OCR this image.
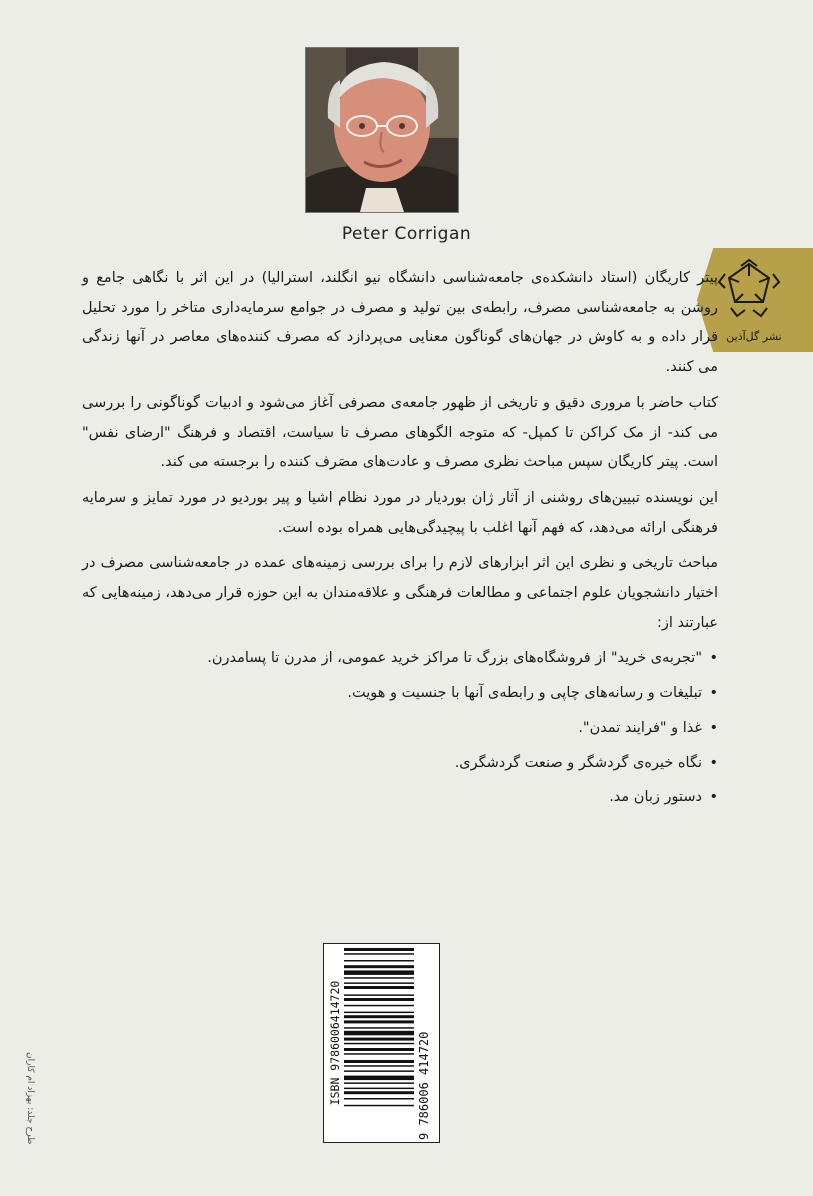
Peter Corrigan
نشر گل‌آذین

پیتر کاریگان (استاد دانشکده‌ی جامعه‌شناسی دانشگاه نیو انگلند، استرالیا) در این اثر با نگاهی جامع و روشن به جامعه‌شناسی مصرف، رابطه‌ی بین تولید و مصرف در جوامع سرمایه‌داری متاخر را مورد تحلیل قرار داده و به کاوش در جهان‌های گوناگون معنایی می‌پردازد که مصرف کننده‌های معاصر در آنها زندگی می کنند.

کتاب حاضر با مروری دقیق و تاریخی از ظهور جامعه‌ی مصرفی آغاز می‌شود و ادبیات گوناگونی را بررسی می کند- از مک کراکن تا کمپل- که متوجه الگوهای مصرف تا سیاست، اقتصاد و فرهنگ "ارضای نفس" است. پیتر کاریگان سپس مباحث نظری مصرف و عادت‌های مصَرف کننده را برجسته می کند.

این نویسنده تبیین‌های روشنی از آثار ژان بوردیار در مورد نظام اشیا و پیر بوردیو در مورد تمایز و سرمایه فرهنگی ارائه می‌دهد، که فهم آنها اغلب با پیچیدگی‌هایی همراه بوده است.

مباحث تاریخی و نظری این اثر ابزارهای لازم را برای بررسی زمینه‌های عمده در جامعه‌شناسی مصرف در اختیار دانشجویان علوم اجتماعی و مطالعات فرهنگی و علاقه‌مندان به این حوزه قرار می‌دهد، زمینه‌هایی که عبارتند از:

• "تجربه‌ی خرید" از فروشگاه‌های بزرگ تا مراکز خرید عمومی، از مدرن تا پسامدرن.
• تبلیغات و رسانه‌های چاپی و رابطه‌ی آنها با جنسیت و هویت.
• غذا و "فرایند تمدن".
• نگاه خیره‌ی گردشگر و صنعت گردشگری.
• دستور زبان مد.
ISBN 9786006414720	9 786006 414720
طرح جلد: بهزاد ام کاران
